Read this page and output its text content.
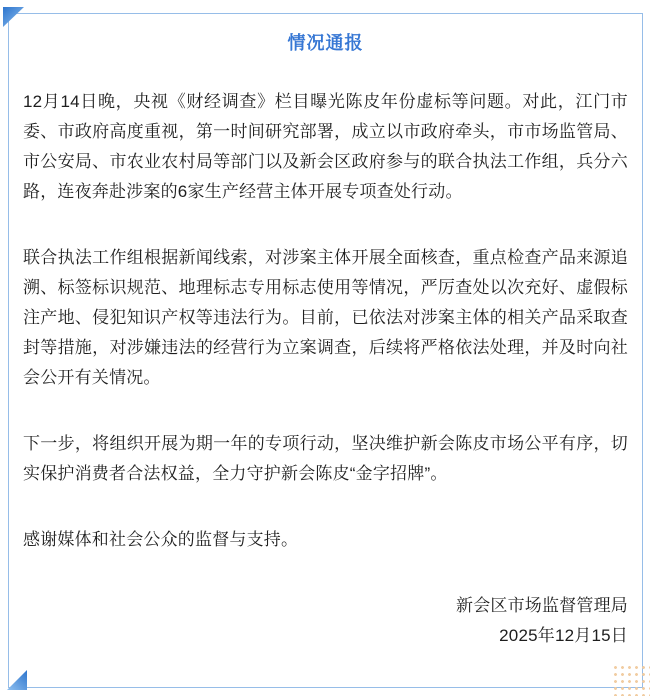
情况通报

12月14日晚，央视《财经调查》栏目曝光陈皮年份虚标等问题。对此，江门市委、市政府高度重视，第一时间研究部署，成立以市政府牵头，市市场监管局、市公安局、市农业农村局等部门以及新会区政府参与的联合执法工作组，兵分六路，连夜奔赴涉案的6家生产经营主体开展专项查处行动。

联合执法工作组根据新闻线索，对涉案主体开展全面核查，重点检查产品来源追溯、标签标识规范、地理标志专用标志使用等情况，严厉查处以次充好、虚假标注产地、侵犯知识产权等违法行为。目前，已依法对涉案主体的相关产品采取查封等措施，对涉嫌违法的经营行为立案调查，后续将严格依法处理，并及时向社会公开有关情况。

下一步，将组织开展为期一年的专项行动，坚决维护新会陈皮市场公平有序，切实保护消费者合法权益，全力守护新会陈皮“金字招牌”。

感谢媒体和社会公众的监督与支持。

新会区市场监督管理局
2025年12月15日
